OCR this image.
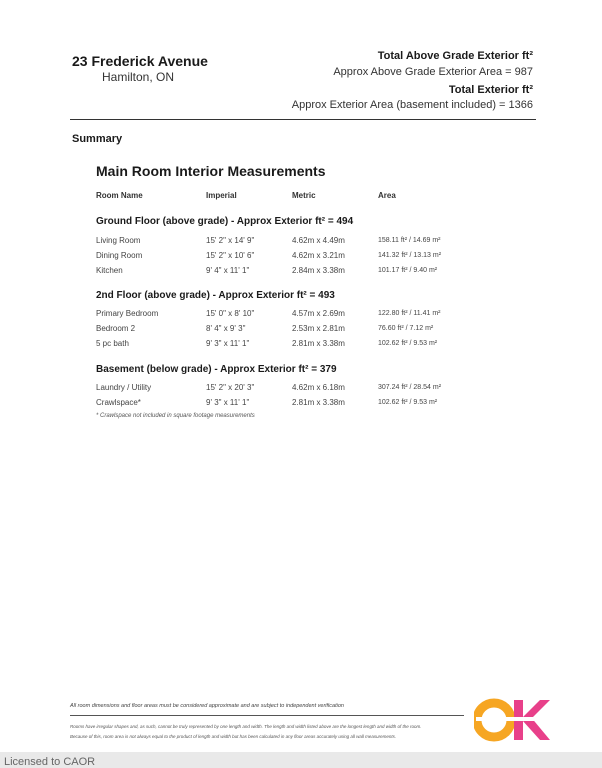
23 Frederick Avenue
Hamilton, ON
Total Above Grade Exterior ft²
Approx Above Grade Exterior Area = 987
Total Exterior ft²
Approx Exterior Area (basement included) = 1366
Summary
Main Room Interior Measurements
Room Name	Imperial	Metric	Area
Ground Floor (above grade) - Approx Exterior ft² = 494
Living Room	15' 2" x 14' 9"	4.62m x 4.49m	158.11 ft² / 14.69 m²
Dining Room	15' 2" x 10' 6"	4.62m x 3.21m	141.32 ft² / 13.13 m²
Kitchen	9' 4" x 11' 1"	2.84m x 3.38m	101.17 ft² / 9.40 m²
2nd Floor (above grade) - Approx Exterior ft² = 493
Primary Bedroom	15' 0" x 8' 10"	4.57m x 2.69m	122.80 ft² / 11.41 m²
Bedroom 2	8' 4" x 9' 3"	2.53m x 2.81m	76.60 ft² / 7.12 m²
5 pc bath	9' 3" x 11' 1"	2.81m x 3.38m	102.62 ft² / 9.53 m²
Basement (below grade) - Approx Exterior ft² = 379
Laundry / Utility	15' 2" x 20' 3"	4.62m x 6.18m	307.24 ft² / 28.54 m²
Crawlspace*	9' 3" x 11' 1"	2.81m x 3.38m	102.62 ft² / 9.53 m²
* Crawlspace not included in square footage measurements
All room dimensions and floor areas must be considered approximate and are subject to independent verification
Rooms have irregular shapes and, as such, cannot be truly represented by one length and width. The length and width listed above are the longest length and width of the room.
Because of this, room area is not always equal to the product of length and width but has been calculated in any floor areas accurately using all wall measurements.
Licensed to CAOR
